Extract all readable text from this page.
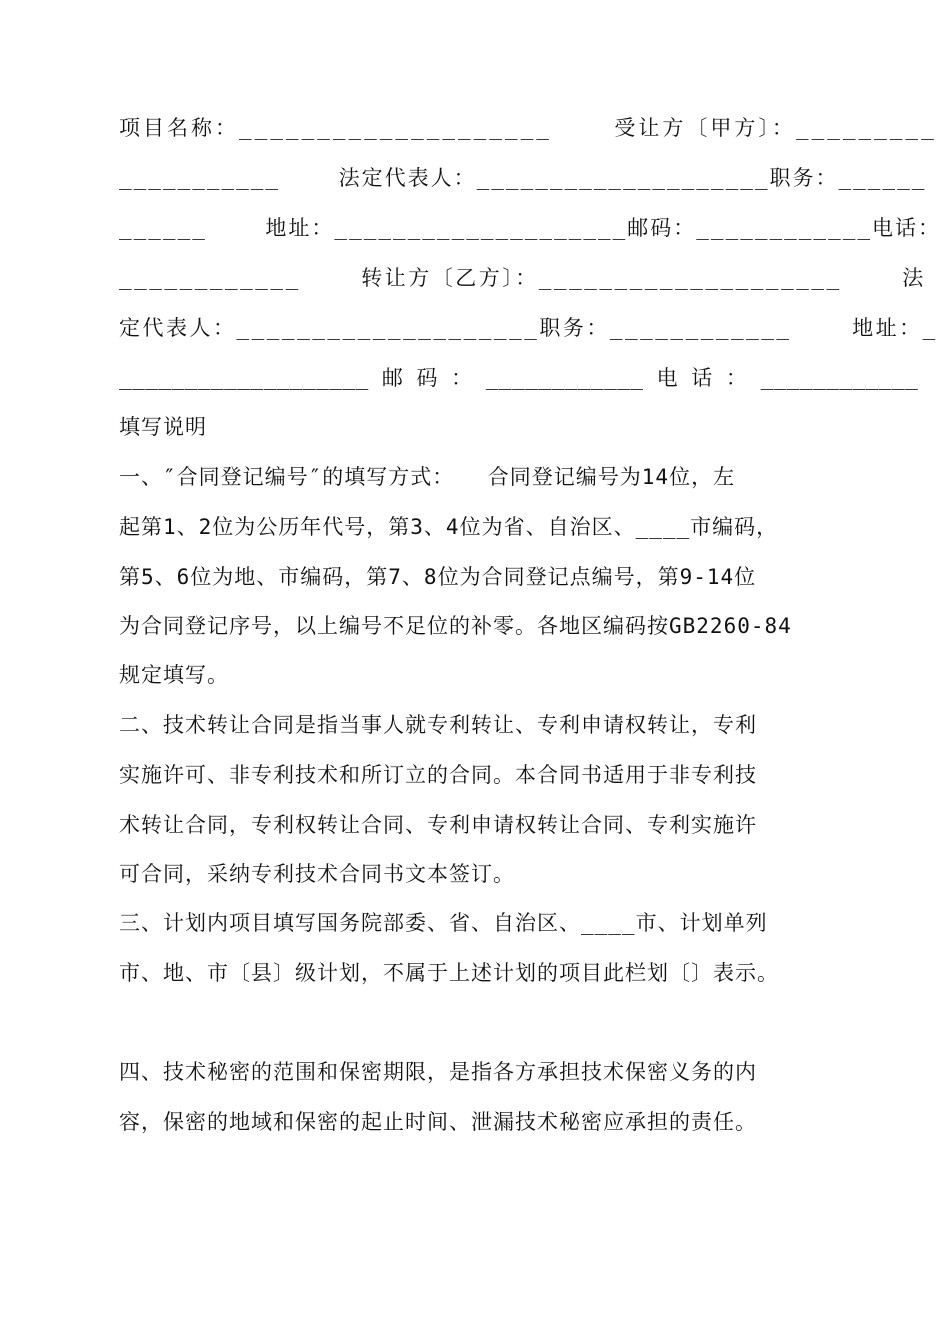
项目名称：____________________    受让方〔甲方〕：_________
___________    法定代表人：____________________职务：______
______    地址：____________________邮码：____________电话：
____________    转让方〔乙方〕：____________________    法
定代表人：____________________职务：____________    地址：_
___________________ 邮 码 ： ____________ 电 话 ： ____________
填写说明
一、″合同登记编号″的填写方式：　　合同登记编号为14位，左
起第1、2位为公历年代号，第3、4位为省、自治区、____市编码，
第5、6位为地、市编码，第7、8位为合同登记点编号，第9-14位
为合同登记序号，以上编号不足位的补零。各地区编码按GB2260-84
规定填写。
二、技术转让合同是指当事人就专利转让、专利申请权转让，专利
实施许可、非专利技术和所订立的合同。本合同书适用于非专利技
术转让合同，专利权转让合同、专利申请权转让合同、专利实施许
可合同，采纳专利技术合同书文本签订。
三、计划内项目填写国务院部委、省、自治区、____市、计划单列
市、地、市〔县〕级计划，不属于上述计划的项目此栏划〔〕表示。
四、技术秘密的范围和保密期限，是指各方承担技术保密义务的内
容，保密的地域和保密的起止时间、泄漏技术秘密应承担的责任。
